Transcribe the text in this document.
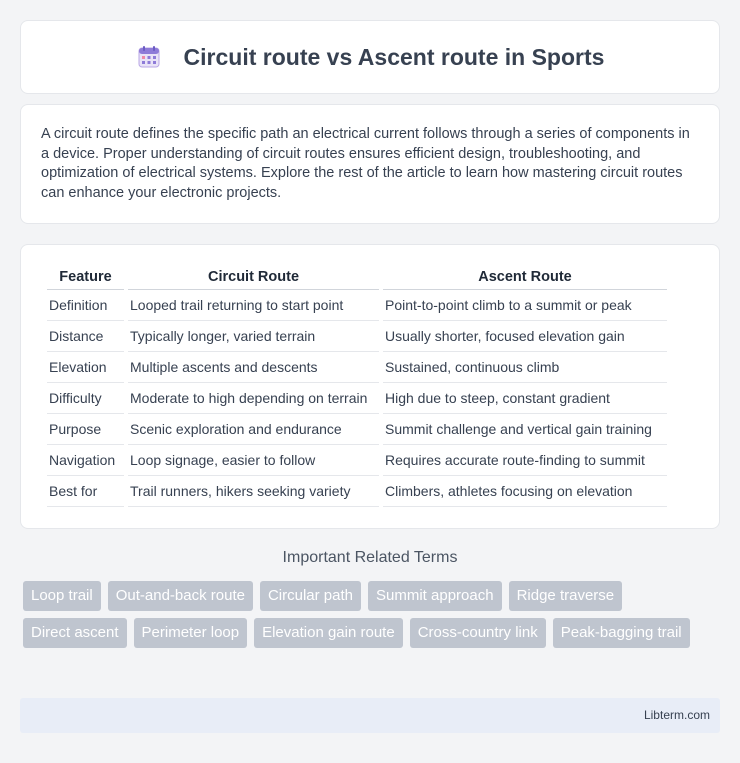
Circuit route vs Ascent route in Sports

A circuit route defines the specific path an electrical current follows through a series of components in a device. Proper understanding of circuit routes ensures efficient design, troubleshooting, and optimization of electrical systems. Explore the rest of the article to learn how mastering circuit routes can enhance your electronic projects.

Feature	Circuit Route	Ascent Route
Definition	Looped trail returning to start point	Point-to-point climb to a summit or peak
Distance	Typically longer, varied terrain	Usually shorter, focused elevation gain
Elevation	Multiple ascents and descents	Sustained, continuous climb
Difficulty	Moderate to high depending on terrain	High due to steep, constant gradient
Purpose	Scenic exploration and endurance	Summit challenge and vertical gain training
Navigation	Loop signage, easier to follow	Requires accurate route-finding to summit
Best for	Trail runners, hikers seeking variety	Climbers, athletes focusing on elevation
Important Related Terms
Loop trail	Out-and-back route	Circular path	Summit approach	Ridge traverse
Direct ascent	Perimeter loop	Elevation gain route	Cross-country link	Peak-bagging trail
Libterm.com
